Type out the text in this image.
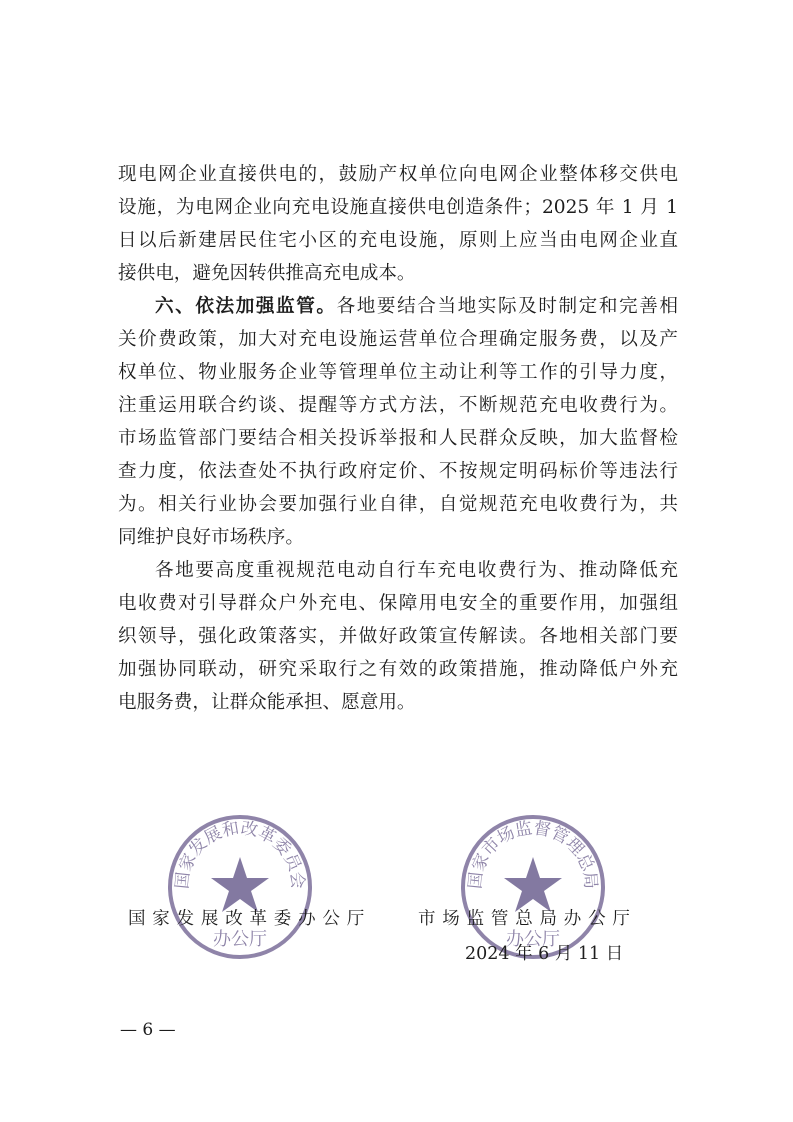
现电网企业直接供电的，鼓励产权单位向电网企业整体移交供电
设施，为电网企业向充电设施直接供电创造条件；2025 年 1 月 1
日以后新建居民住宅小区的充电设施，原则上应当由电网企业直
接供电，避免因转供推高充电成本。
六、依法加强监管。各地要结合当地实际及时制定和完善相
关价费政策，加大对充电设施运营单位合理确定服务费，以及产
权单位、物业服务企业等管理单位主动让利等工作的引导力度，
注重运用联合约谈、提醒等方式方法，不断规范充电收费行为。
市场监管部门要结合相关投诉举报和人民群众反映，加大监督检
查力度，依法查处不执行政府定价、不按规定明码标价等违法行
为。相关行业协会要加强行业自律，自觉规范充电收费行为，共
同维护良好市场秩序。
各地要高度重视规范电动自行车充电收费行为、推动降低充
电收费对引导群众户外充电、保障用电安全的重要作用，加强组
织领导，强化政策落实，并做好政策宣传解读。各地相关部门要
加强协同联动，研究采取行之有效的政策措施，推动降低户外充
电服务费，让群众能承担、愿意用。
国家发展和改革委员会
办公厅
国家市场监督管理总局
办公厅
国家发展改革委办公厅	市场监管总局办公厅
2024 年 6 月 11 日
— 6 —
